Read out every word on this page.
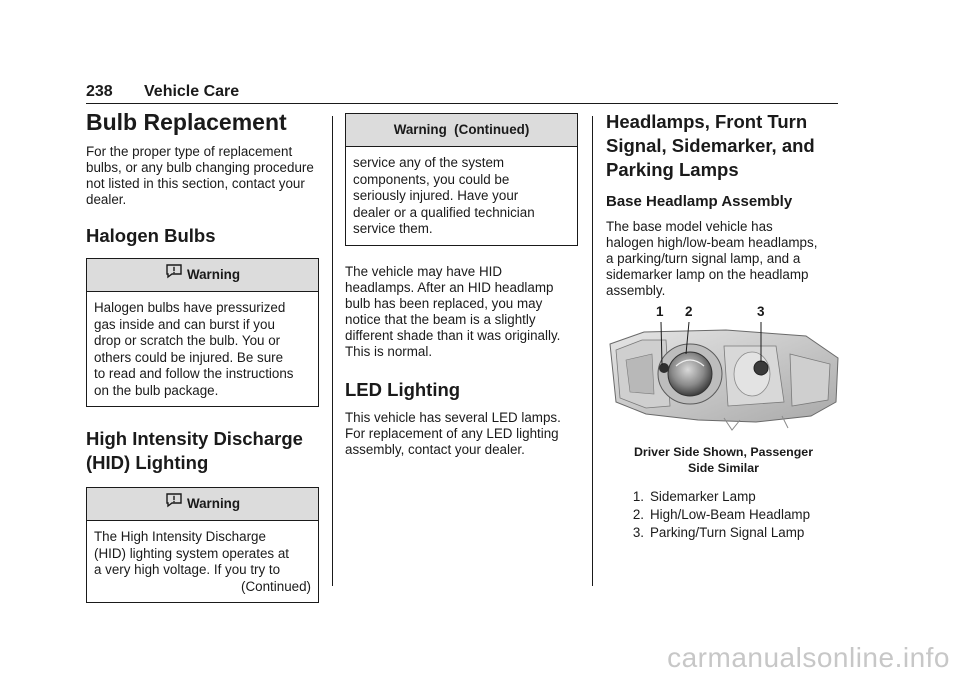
238 Vehicle Care
Bulb Replacement

For the proper type of replacement bulbs, or any bulb changing procedure not listed in this section, contact your dealer.

Halogen Bulbs
Warning
Halogen bulbs have pressurized
gas inside and can burst if you
drop or scratch the bulb. You or
others could be injured. Be sure
to read and follow the instructions
on the bulb package.
High Intensity Discharge
(HID) Lighting
Warning
The High Intensity Discharge
(HID) lighting system operates at
a very high voltage. If you try to
(Continued)
Warning  (Continued)
service any of the system
components, you could be
seriously injured. Have your
dealer or a qualified technician
service them.
The vehicle may have HID
headlamps. After an HID headlamp
bulb has been replaced, you may
notice that the beam is a slightly
different shade than it was originally.
This is normal.
LED Lighting
This vehicle has several LED lamps.
For replacement of any LED lighting
assembly, contact your dealer.
Headlamps, Front Turn
Signal, Sidemarker, and
Parking Lamps
Base Headlamp Assembly
The base model vehicle has
halogen high/low-beam headlamps,
a parking/turn signal lamp, and a
sidemarker lamp on the headlamp
assembly.
1 2	3
Driver Side Shown, Passenger
Side Similar
1. Sidemarker Lamp
2. High/Low-Beam Headlamp
3. Parking/Turn Signal Lamp
carmanualsonline.info
